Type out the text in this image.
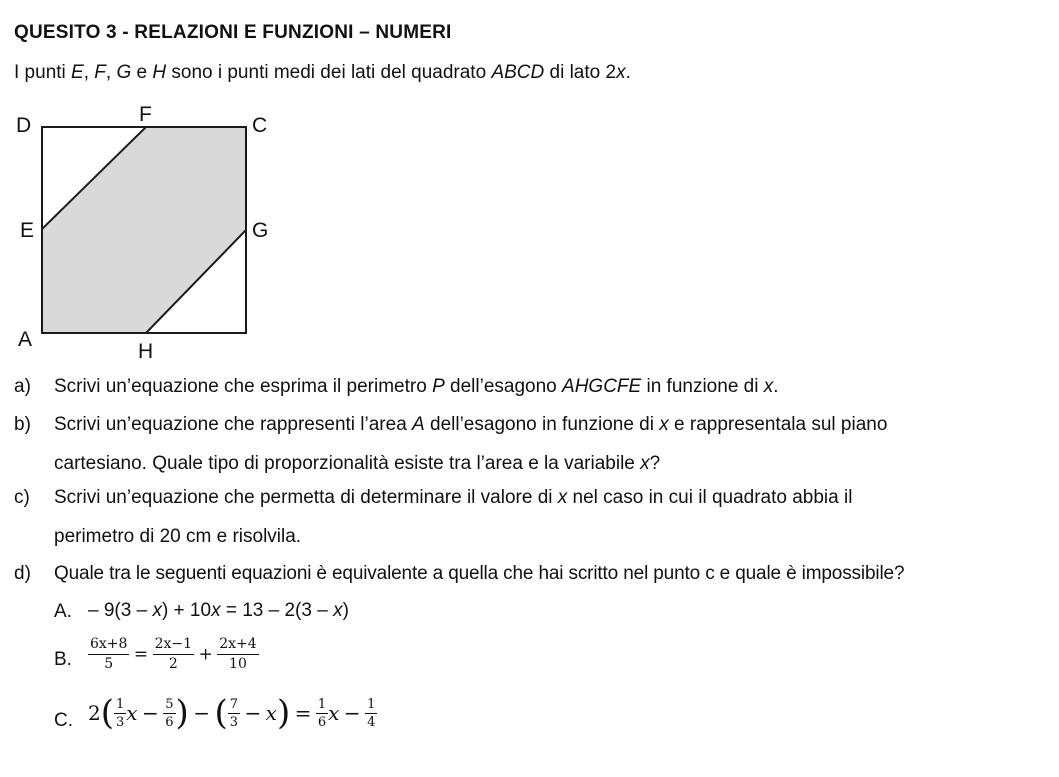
QUESITO 3 - RELAZIONI E FUNZIONI – NUMERI
I punti E, F, G e H sono i punti medi dei lati del quadrato ABCD di lato 2x.
D	F	C
E	G
A
H
a) Scrivi un’equazione che esprima il perimetro P dell’esagono AHGCFE in funzione di x.
b) Scrivi un’equazione che rappresenti l’area A dell’esagono in funzione di x e rappresentala sul piano
cartesiano. Quale tipo di proporzionalità esiste tra l’area e la variabile x?
c) Scrivi un’equazione che permetta di determinare il valore di x nel caso in cui il quadrato abbia il
perimetro di 20 cm e risolvila.
d) Quale tra le seguenti equazioni è equivalente a quella che hai scritto nel punto c e quale è impossibile?
A. – 9(3 – x) + 10x = 13 – 2(3 – x)
B. $\frac{6x+8}{5} = \frac{2x-1}{2} + \frac{2x+4}{10}$
C. $2( \frac{1}{3}$ $x - \frac{5}{6}$ ) − ( $\frac{7}{3} - x) = \frac{1}{6}$ $x - \frac{1}{4}$
